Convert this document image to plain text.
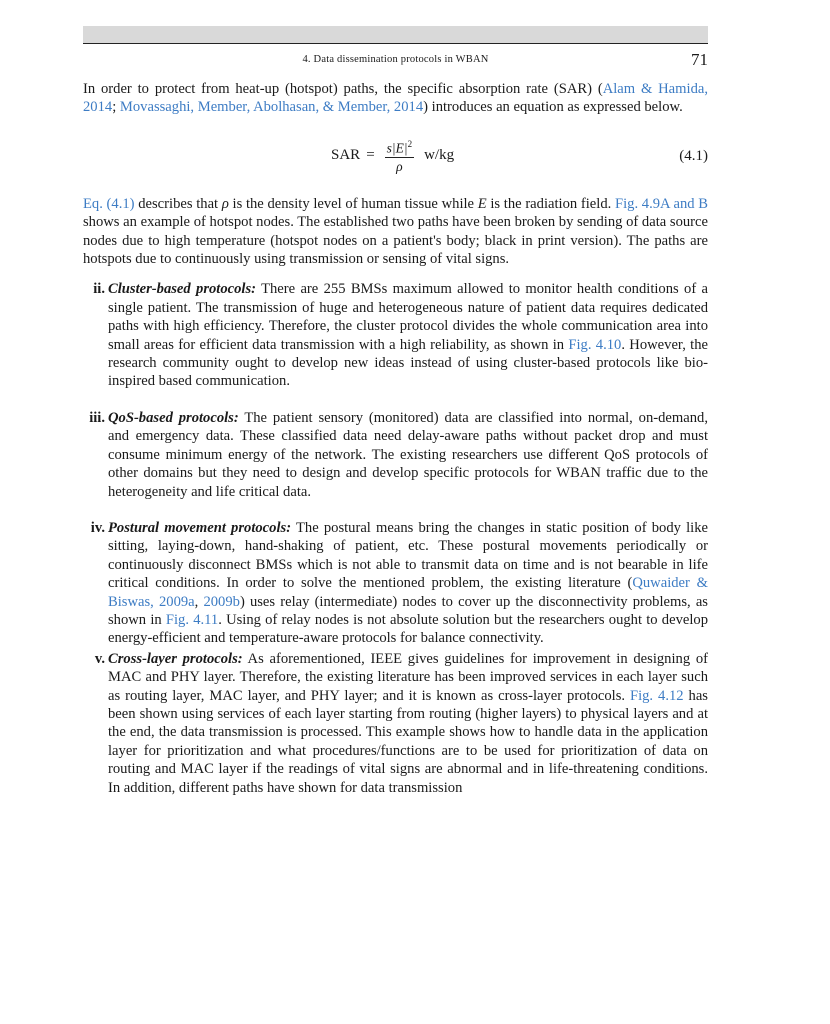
4. Data dissemination protocols in WBAN	71

In order to protect from heat-up (hotspot) paths, the specific absorption rate (SAR) (Alam & Hamida, 2014; Movassaghi, Member, Abolhasan, & Member, 2014) introduces an equation as expressed below.

SAR = $\frac{s|E|^2}{\rho} w/kg$	(4.1)

Eq. (4.1) describes that ρ is the density level of human tissue while E is the radiation field. Fig. 4.9A and B shows an example of hotspot nodes. The established two paths have been broken by sending of data source nodes due to high temperature (hotspot nodes on a patient's body; black in print version). The paths are hotspots due to continuously using transmission or sensing of vital signs.

ii. Cluster-based protocols: There are 255 BMSs maximum allowed to monitor health conditions of a single patient. The transmission of huge and heterogeneous nature of patient data requires dedicated paths with high efficiency. Therefore, the cluster protocol divides the whole communication area into small areas for efficient data transmission with a high reliability, as shown in Fig. 4.10. However, the research community ought to develop new ideas instead of using cluster-based protocols like bio-inspired based communication.

iii. QoS-based protocols: The patient sensory (monitored) data are classified into normal, on-demand, and emergency data. These classified data need delay-aware paths without packet drop and must consume minimum energy of the network. The existing researchers use different QoS protocols of other domains but they need to design and develop specific protocols for WBAN traffic due to the heterogeneity and life critical data.

iv. Postural movement protocols: The postural means bring the changes in static position of body like sitting, laying-down, hand-shaking of patient, etc. These postural movements periodically or continuously disconnect BMSs which is not able to transmit data on time and is not bearable in life critical conditions. In order to solve the mentioned problem, the existing literature (Quwaider & Biswas, 2009a, 2009b) uses relay (intermediate) nodes to cover up the disconnectivity problems, as shown in Fig. 4.11. Using of relay nodes is not absolute solution but the researchers ought to develop energy-efficient and temperature-aware protocols for balance connectivity.

v. Cross-layer protocols: As aforementioned, IEEE gives guidelines for improvement in designing of MAC and PHY layer. Therefore, the existing literature has been improved services in each layer such as routing layer, MAC layer, and PHY layer; and it is known as cross-layer protocols. Fig. 4.12 has been shown using services of each layer starting from routing (higher layers) to physical layers and at the end, the data transmission is processed. This example shows how to handle data in the application layer for prioritization and what procedures/functions are to be used for prioritization of data on routing and MAC layer if the readings of vital signs are abnormal and in life-threatening conditions. In addition, different paths have shown for data transmission
